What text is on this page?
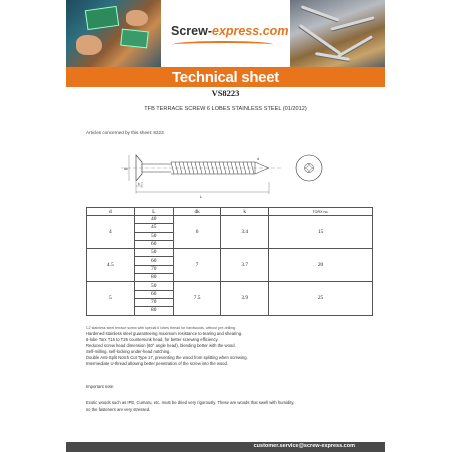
Screw-express.com
Technical sheet
VS8223
TFB TERRACE SCREW 6 LOBES STAINLESS STEEL (01/2012)
Articles concerned by this sheet: 8223
L
k
dk
d
d	L	dk	k	TORX no.
4	40	6	3.4	15
	45			
	50			
	60			
4.5	50	7	3.7	20
	60			
	70			
	80			
5	50	7.5	3.9	25
	60			
	70			
	80			
C2 stainless steel terrace screw with special 6 lobes thread for hardwoods, without pre-drilling.
Hardened stainless steel guaranteeing maximum resistance to tearing and shearing.
6-lobe Torx T15 to T25 countersunk head, for better screwing efficiency.
Reduced screw head dimension (60° angle head), blending better with the wood.
Self-milling, self-locking under-head notching.
Double Anti-Split Notch Cut Type 17, preventing the wood from splitting when screwing.
Intermediate U-thread allowing better penetration of the screw into the wood.
Important note:
Exotic woods such as IPE, Cumaru, etc. must be dried very rigorously. These are woods that swell with humidity,
so the fasteners are very stressed.
customer.service@screw-express.com
